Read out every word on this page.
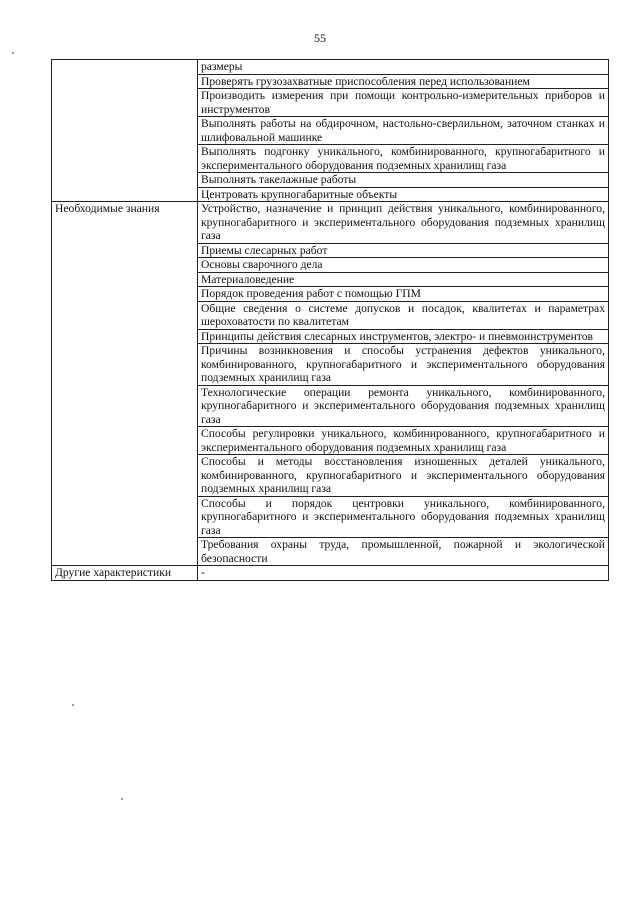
55
	размеры
	Проверять грузозахватные приспособления перед использованием
	Производить измерения при помощи контрольно-измерительных приборов и инструментов
	Выполнять работы на обдирочном, настольно-сверлильном, заточном станках и шлифовальной машинке
	Выполнять подгонку уникального, комбинированного, крупногабаритного и экспериментального оборудования подземных хранилищ газа
	Выполнять такелажные работы
	Центровать крупногабаритные объекты
Необходимые знания	Устройство, назначение и принцип действия уникального, комбинированного, крупногабаритного и экспериментального оборудования подземных хранилищ газа
	Приемы слесарных работ
	Основы сварочного дела
	Материаловедение
	Порядок проведения работ с помощью ГПМ
	Общие сведения о системе допусков и посадок, квалитетах и параметрах шероховатости по квалитетам
	Принципы действия слесарных инструментов, электро- и пневмоинструментов
	Причины возникновения и способы устранения дефектов уникального, комбинированного, крупногабаритного и экспериментального оборудования подземных хранилищ газа
	Технологические операции ремонта уникального, комбинированного, крупногабаритного и экспериментального оборудования подземных хранилищ газа
	Способы регулировки уникального, комбинированного, крупногабаритного и экспериментального оборудования подземных хранилищ газа
	Способы и методы восстановления изношенных деталей уникального, комбинированного, крупногабаритного и экспериментального оборудования подземных хранилищ газа
	Способы и порядок центровки уникального, комбинированного, крупногабаритного и экспериментального оборудования подземных хранилищ газа
	Требования охраны труда, промышленной, пожарной и экологической безопасности
Другие характеристики	-
